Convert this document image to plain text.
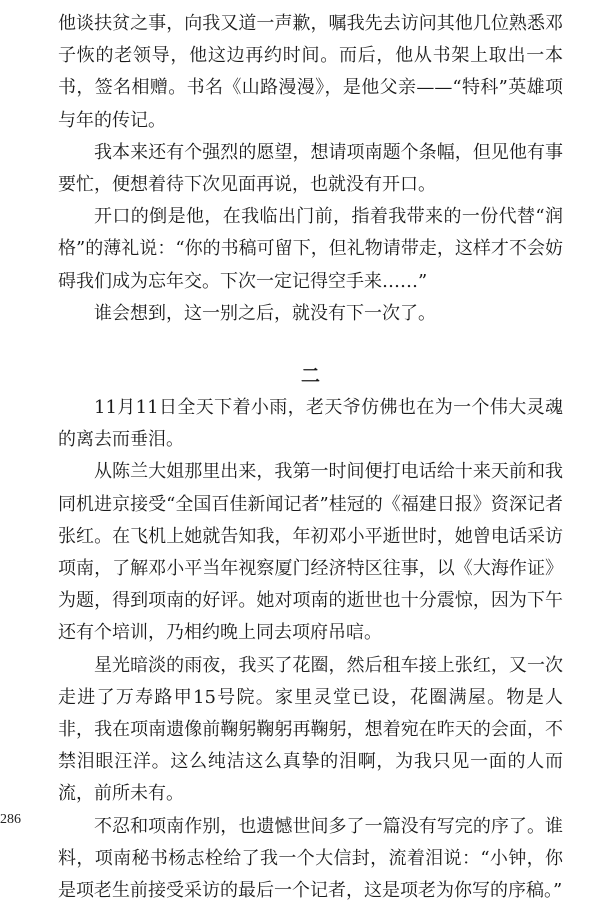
他谈扶贫之事，向我又道一声歉，嘱我先去访问其他几位熟悉邓子恢的老领导，他这边再约时间。而后，他从书架上取出一本书，签名相赠。书名《山路漫漫》，是他父亲——“特科”英雄项与年的传记。

我本来还有个强烈的愿望，想请项南题个条幅，但见他有事要忙，便想着待下次见面再说，也就没有开口。

开口的倒是他，在我临出门前，指着我带来的一份代替“润格”的薄礼说：“你的书稿可留下，但礼物请带走，这样才不会妨碍我们成为忘年交。下次一定记得空手来……”

谁会想到，这一别之后，就没有下一次了。

二

11月11日全天下着小雨，老天爷仿佛也在为一个伟大灵魂的离去而垂泪。

从陈兰大姐那里出来，我第一时间便打电话给十来天前和我同机进京接受“全国百佳新闻记者”桂冠的《福建日报》资深记者张红。在飞机上她就告知我，年初邓小平逝世时，她曾电话采访项南，了解邓小平当年视察厦门经济特区往事，以《大海作证》为题，得到项南的好评。她对项南的逝世也十分震惊，因为下午还有个培训，乃相约晚上同去项府吊唁。

星光暗淡的雨夜，我买了花圈，然后租车接上张红，又一次走进了万寿路甲15号院。家里灵堂已设，花圈满屋。物是人非，我在项南遗像前鞠躬鞠躬再鞠躬，想着宛在昨天的会面，不禁泪眼汪洋。这么纯洁这么真挚的泪啊，为我只见一面的人而流，前所未有。

不忍和项南作别，也遗憾世间多了一篇没有写完的序了。谁料，项南秘书杨志栓给了我一个大信封，流着泪说：“小钟，你是项老生前接受采访的最后一个记者，这是项老为你写的序稿。”

286
